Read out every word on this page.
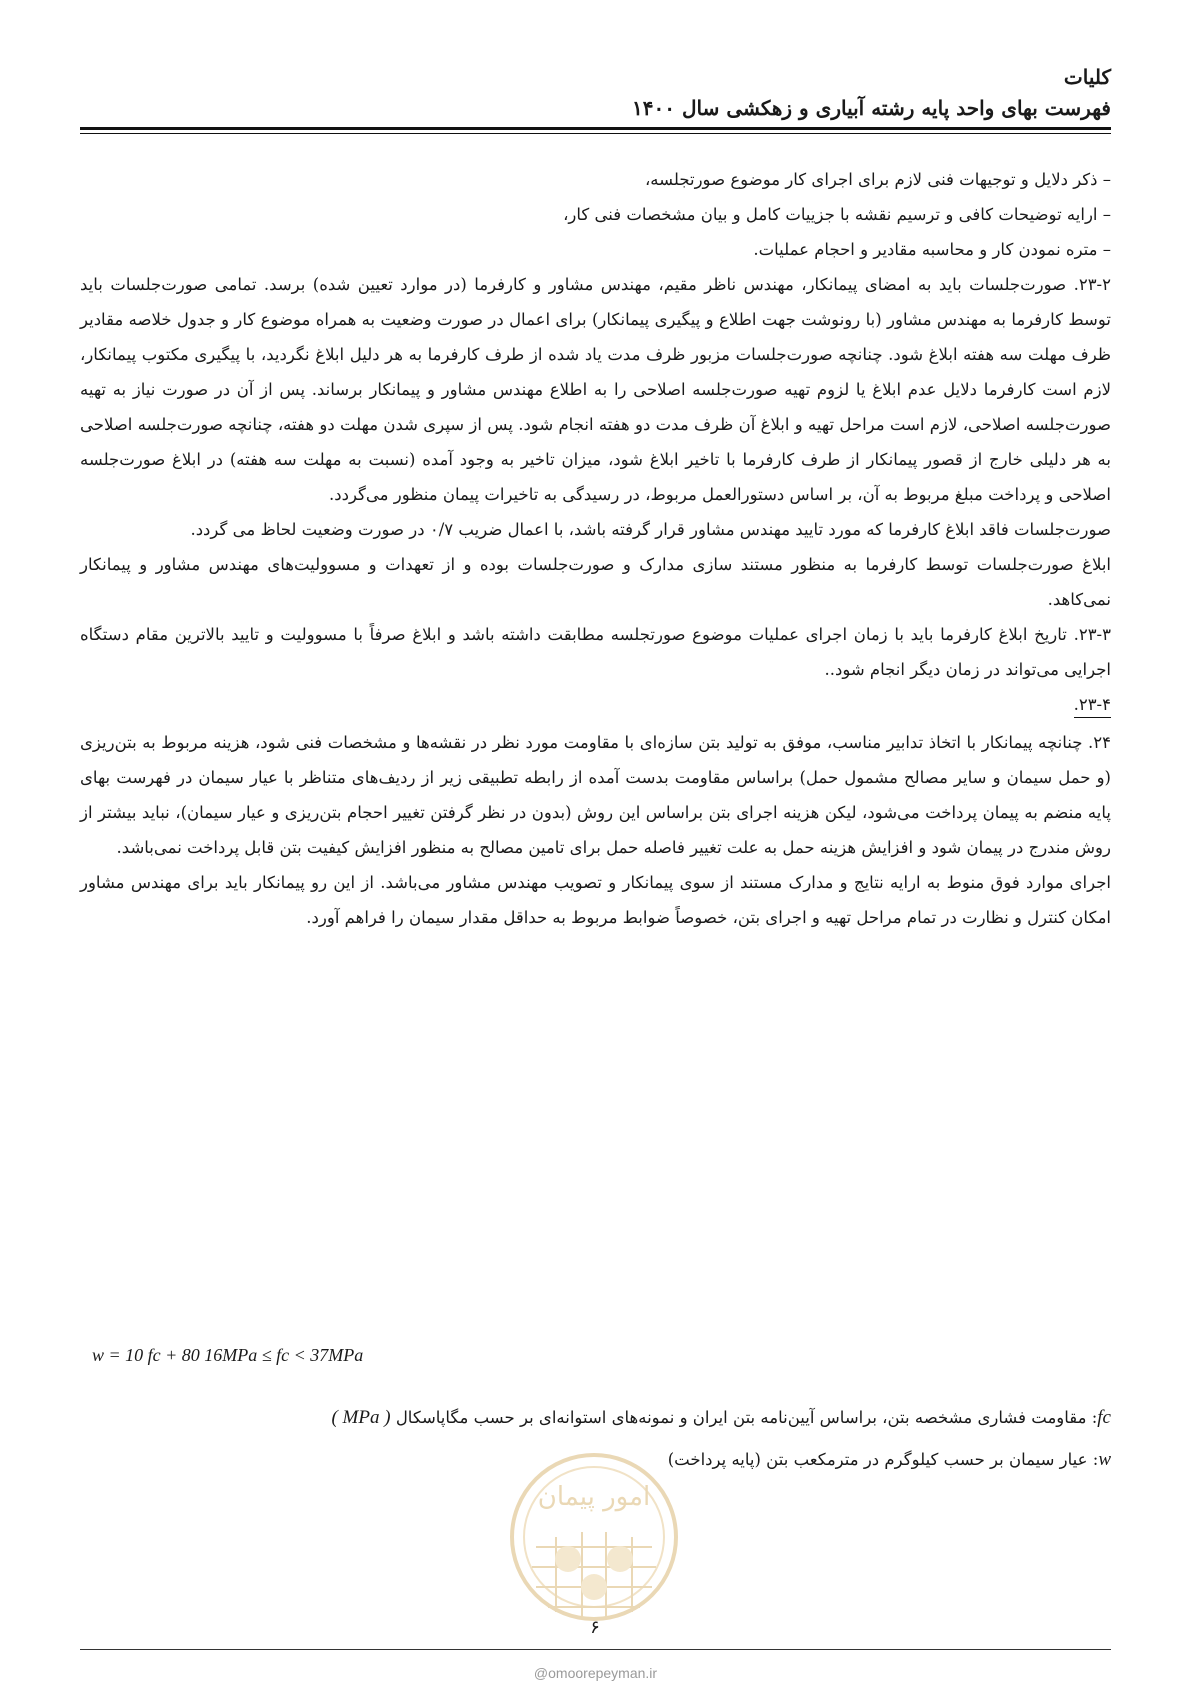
کلیات
فهرست بهای واحد پایه رشته آبیاری و زهکشی سال ۱۴۰۰

– ذکر دلایل و توجیهات فنی لازم برای اجرای کار موضوع صورتجلسه،

– ارایه توضیحات کافی و ترسیم نقشه با جزییات کامل و بیان مشخصات فنی کار،

– متره نمودن کار و محاسبه مقادیر و احجام عملیات.

۲۳-۲. صورت‌جلسات باید به امضای پیمانکار، مهندس ناظر مقیم، مهندس مشاور و کارفرما (در موارد تعیین شده) برسد. تمامی صورت‌جلسات باید توسط کارفرما به مهندس مشاور (با رونوشت جهت اطلاع و پیگیری پیمانکار) برای اعمال در صورت وضعیت به همراه موضوع کار و جدول خلاصه مقادیر ظرف مهلت سه هفته ابلاغ شود. چنانچه صورت‌جلسات مزبور ظرف مدت یاد شده از طرف کارفرما به هر دلیل ابلاغ نگردید، با پیگیری مکتوب پیمانکار، لازم است کارفرما دلایل عدم ابلاغ یا لزوم تهیه صورت‌جلسه اصلاحی را به اطلاع مهندس مشاور و پیمانکار برساند. پس از آن در صورت نیاز به تهیه صورت‌جلسه اصلاحی، لازم است مراحل تهیه و ابلاغ آن ظرف مدت دو هفته انجام شود. پس از سپری شدن مهلت دو هفته، چنانچه صورت‌جلسه اصلاحی به هر دلیلی خارج از قصور پیمانکار از طرف کارفرما با تاخیر ابلاغ شود، میزان تاخیر به وجود آمده (نسبت به مهلت سه هفته) در ابلاغ صورت‌جلسه اصلاحی و پرداخت مبلغ مربوط به آن، بر اساس دستورالعمل مربوط، در رسیدگی به تاخیرات پیمان منظور می‌گردد.

صورت‌جلسات فاقد ابلاغ کارفرما که مورد تایید مهندس مشاور قرار گرفته باشد، با اعمال ضریب ۰/۷ در صورت وضعیت لحاظ می گردد.

ابلاغ صورت‌جلسات توسط کارفرما به منظور مستند سازی مدارک و صورت‌جلسات بوده و از تعهدات و مسوولیت‌های مهندس مشاور و پیمانکار نمی‌کاهد.

۲۳-۳. تاریخ ابلاغ کارفرما باید با زمان اجرای عملیات موضوع صورتجلسه مطابقت داشته باشد و ابلاغ صرفاً با مسوولیت و تایید بالاترین مقام دستگاه اجرایی می‌تواند در زمان دیگر انجام شود..

۲۳-۴.

۲۴. چنانچه پیمانکار با اتخاذ تدابیر مناسب، موفق به تولید بتن سازه‌ای با مقاومت مورد نظر در نقشه‌ها و مشخصات فنی شود، هزینه مربوط به بتن‌ریزی (و حمل سیمان و سایر مصالح مشمول حمل) براساس مقاومت بدست آمده از رابطه تطبیقی زیر از ردیف‌های متناظر با عیار سیمان در فهرست بهای پایه منضم به پیمان پرداخت می‌شود، لیکن هزینه اجرای بتن براساس این روش (بدون در نظر گرفتن تغییر احجام بتن‌ریزی و عیار سیمان)، نباید بیشتر از روش مندرج در پیمان شود و افزایش هزینه حمل به علت تغییر فاصله حمل برای تامین مصالح به منظور افزایش کیفیت بتن قابل پرداخت نمی‌باشد.

اجرای موارد فوق منوط به ارایه نتایج و مدارک مستند از سوی پیمانکار و تصویب مهندس مشاور می‌باشد. از این رو پیمانکار باید برای مهندس مشاور امکان کنترل و نظارت در تمام مراحل تهیه و اجرای بتن، خصوصاً ضوابط مربوط به حداقل مقدار سیمان را فراهم آورد.

w = 10 fc + 80 16MPa ≤ fc < 37MPa
fc: مقاومت فشاری مشخصه بتن، براساس آیین‌نامه بتن ایران و نمونه‌های استوانه‌ای بر حسب مگاپاسکال ( MPa )
w: عیار سیمان بر حسب کیلوگرم در مترمکعب بتن (پایه پرداخت)
امور پیمان
۶
@omoorepeyman.ir
